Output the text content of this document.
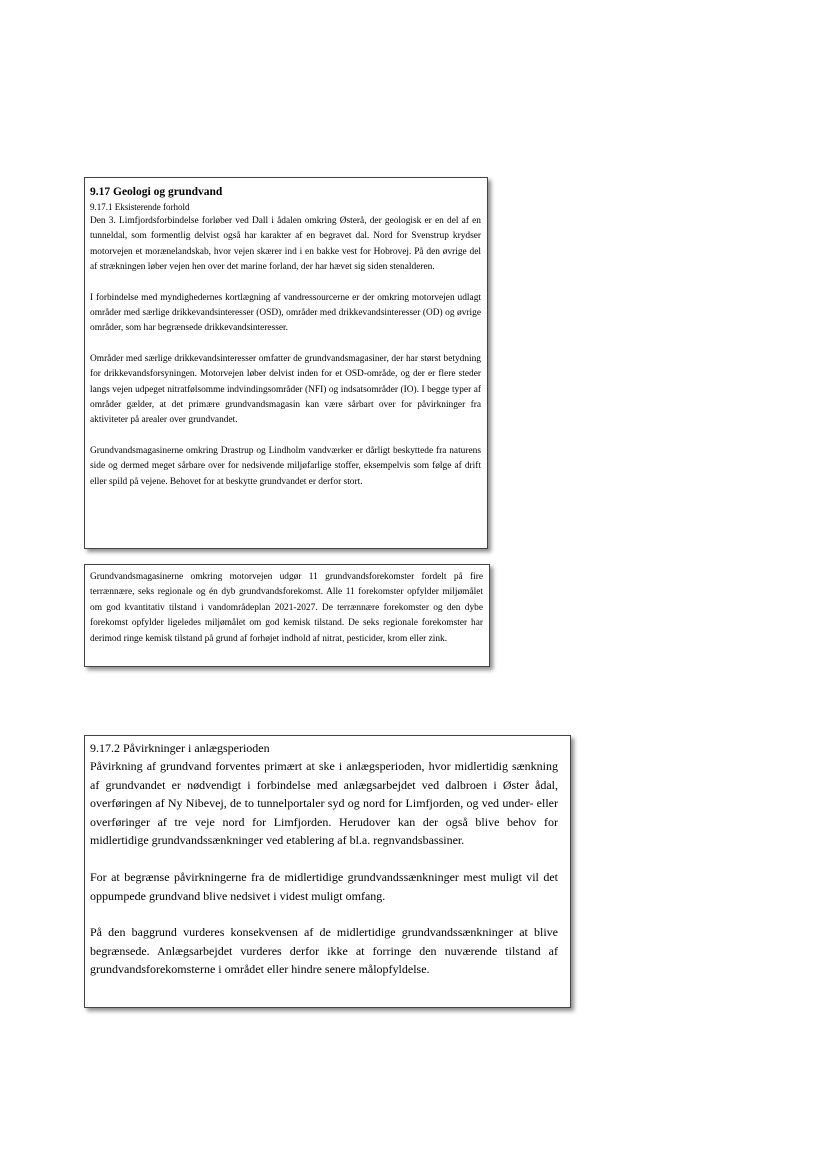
9.17 Geologi og grundvand
9.17.1 Eksisterende forhold

Den 3. Limfjordsforbindelse forløber ved Dall i ådalen omkring Østerå, der geologisk er en del af en tunneldal, som formentlig delvist også har karakter af en begravet dal. Nord for Svenstrup krydser motorvejen et morænelandskab, hvor vejen skærer ind i en bakke vest for Hobrovej. På den øvrige del af strækningen løber vejen hen over det marine forland, der har hævet sig siden stenalderen.

I forbindelse med myndighedernes kortlægning af vandressourcerne er der omkring motorvejen udlagt områder med særlige drikkevandsinteresser (OSD), områder med drikkevandsinteresser (OD) og øvrige områder, som har begrænsede drikkevandsinteresser.

Områder med særlige drikkevandsinteresser omfatter de grundvandsmagasiner, der har størst betydning for drikkevandsforsyningen. Motorvejen løber delvist inden for et OSD-område, og der er flere steder langs vejen udpeget nitratfølsomme indvindingsområder (NFI) og indsatsområder (IO). I begge typer af områder gælder, at det primære grundvandsmagasin kan være sårbart over for påvirkninger fra aktiviteter på arealer over grundvandet.

Grundvandsmagasinerne omkring Drastrup og Lindholm vandværker er dårligt beskyttede fra naturens side og dermed meget sårbare over for nedsivende miljøfarlige stoffer, eksempelvis som følge af drift eller spild på vejene. Behovet for at beskytte grundvandet er derfor stort.

Grundvandsmagasinerne omkring motorvejen udgør 11 grundvandsforekomster fordelt på fire terrænnære, seks regionale og én dyb grundvandsforekomst. Alle 11 forekomster opfylder miljømålet om god kvantitativ tilstand i vandområdeplan 2021-2027. De terrænnære forekomster og den dybe forekomst opfylder ligeledes miljømålet om god kemisk tilstand. De seks regionale forekomster har derimod ringe kemisk tilstand på grund af forhøjet indhold af nitrat, pesticider, krom eller zink.

9.17.2 Påvirkninger i anlægsperioden

Påvirkning af grundvand forventes primært at ske i anlægsperioden, hvor midlertidig sænkning af grundvandet er nødvendigt i forbindelse med anlægsarbejdet ved dalbroen i Øster ådal, overføringen af Ny Nibevej, de to tunnelportaler syd og nord for Limfjorden, og ved under- eller overføringer af tre veje nord for Limfjorden. Herudover kan der også blive behov for midlertidige grundvandssænkninger ved etablering af bl.a. regnvandsbassiner.

For at begrænse påvirkningerne fra de midlertidige grundvandssænkninger mest muligt vil det oppumpede grundvand blive nedsivet i videst muligt omfang.

På den baggrund vurderes konsekvensen af de midlertidige grundvandssænkninger at blive begrænsede. Anlægsarbejdet vurderes derfor ikke at forringe den nuværende tilstand af grundvandsforekomsterne i området eller hindre senere målopfyldelse.
